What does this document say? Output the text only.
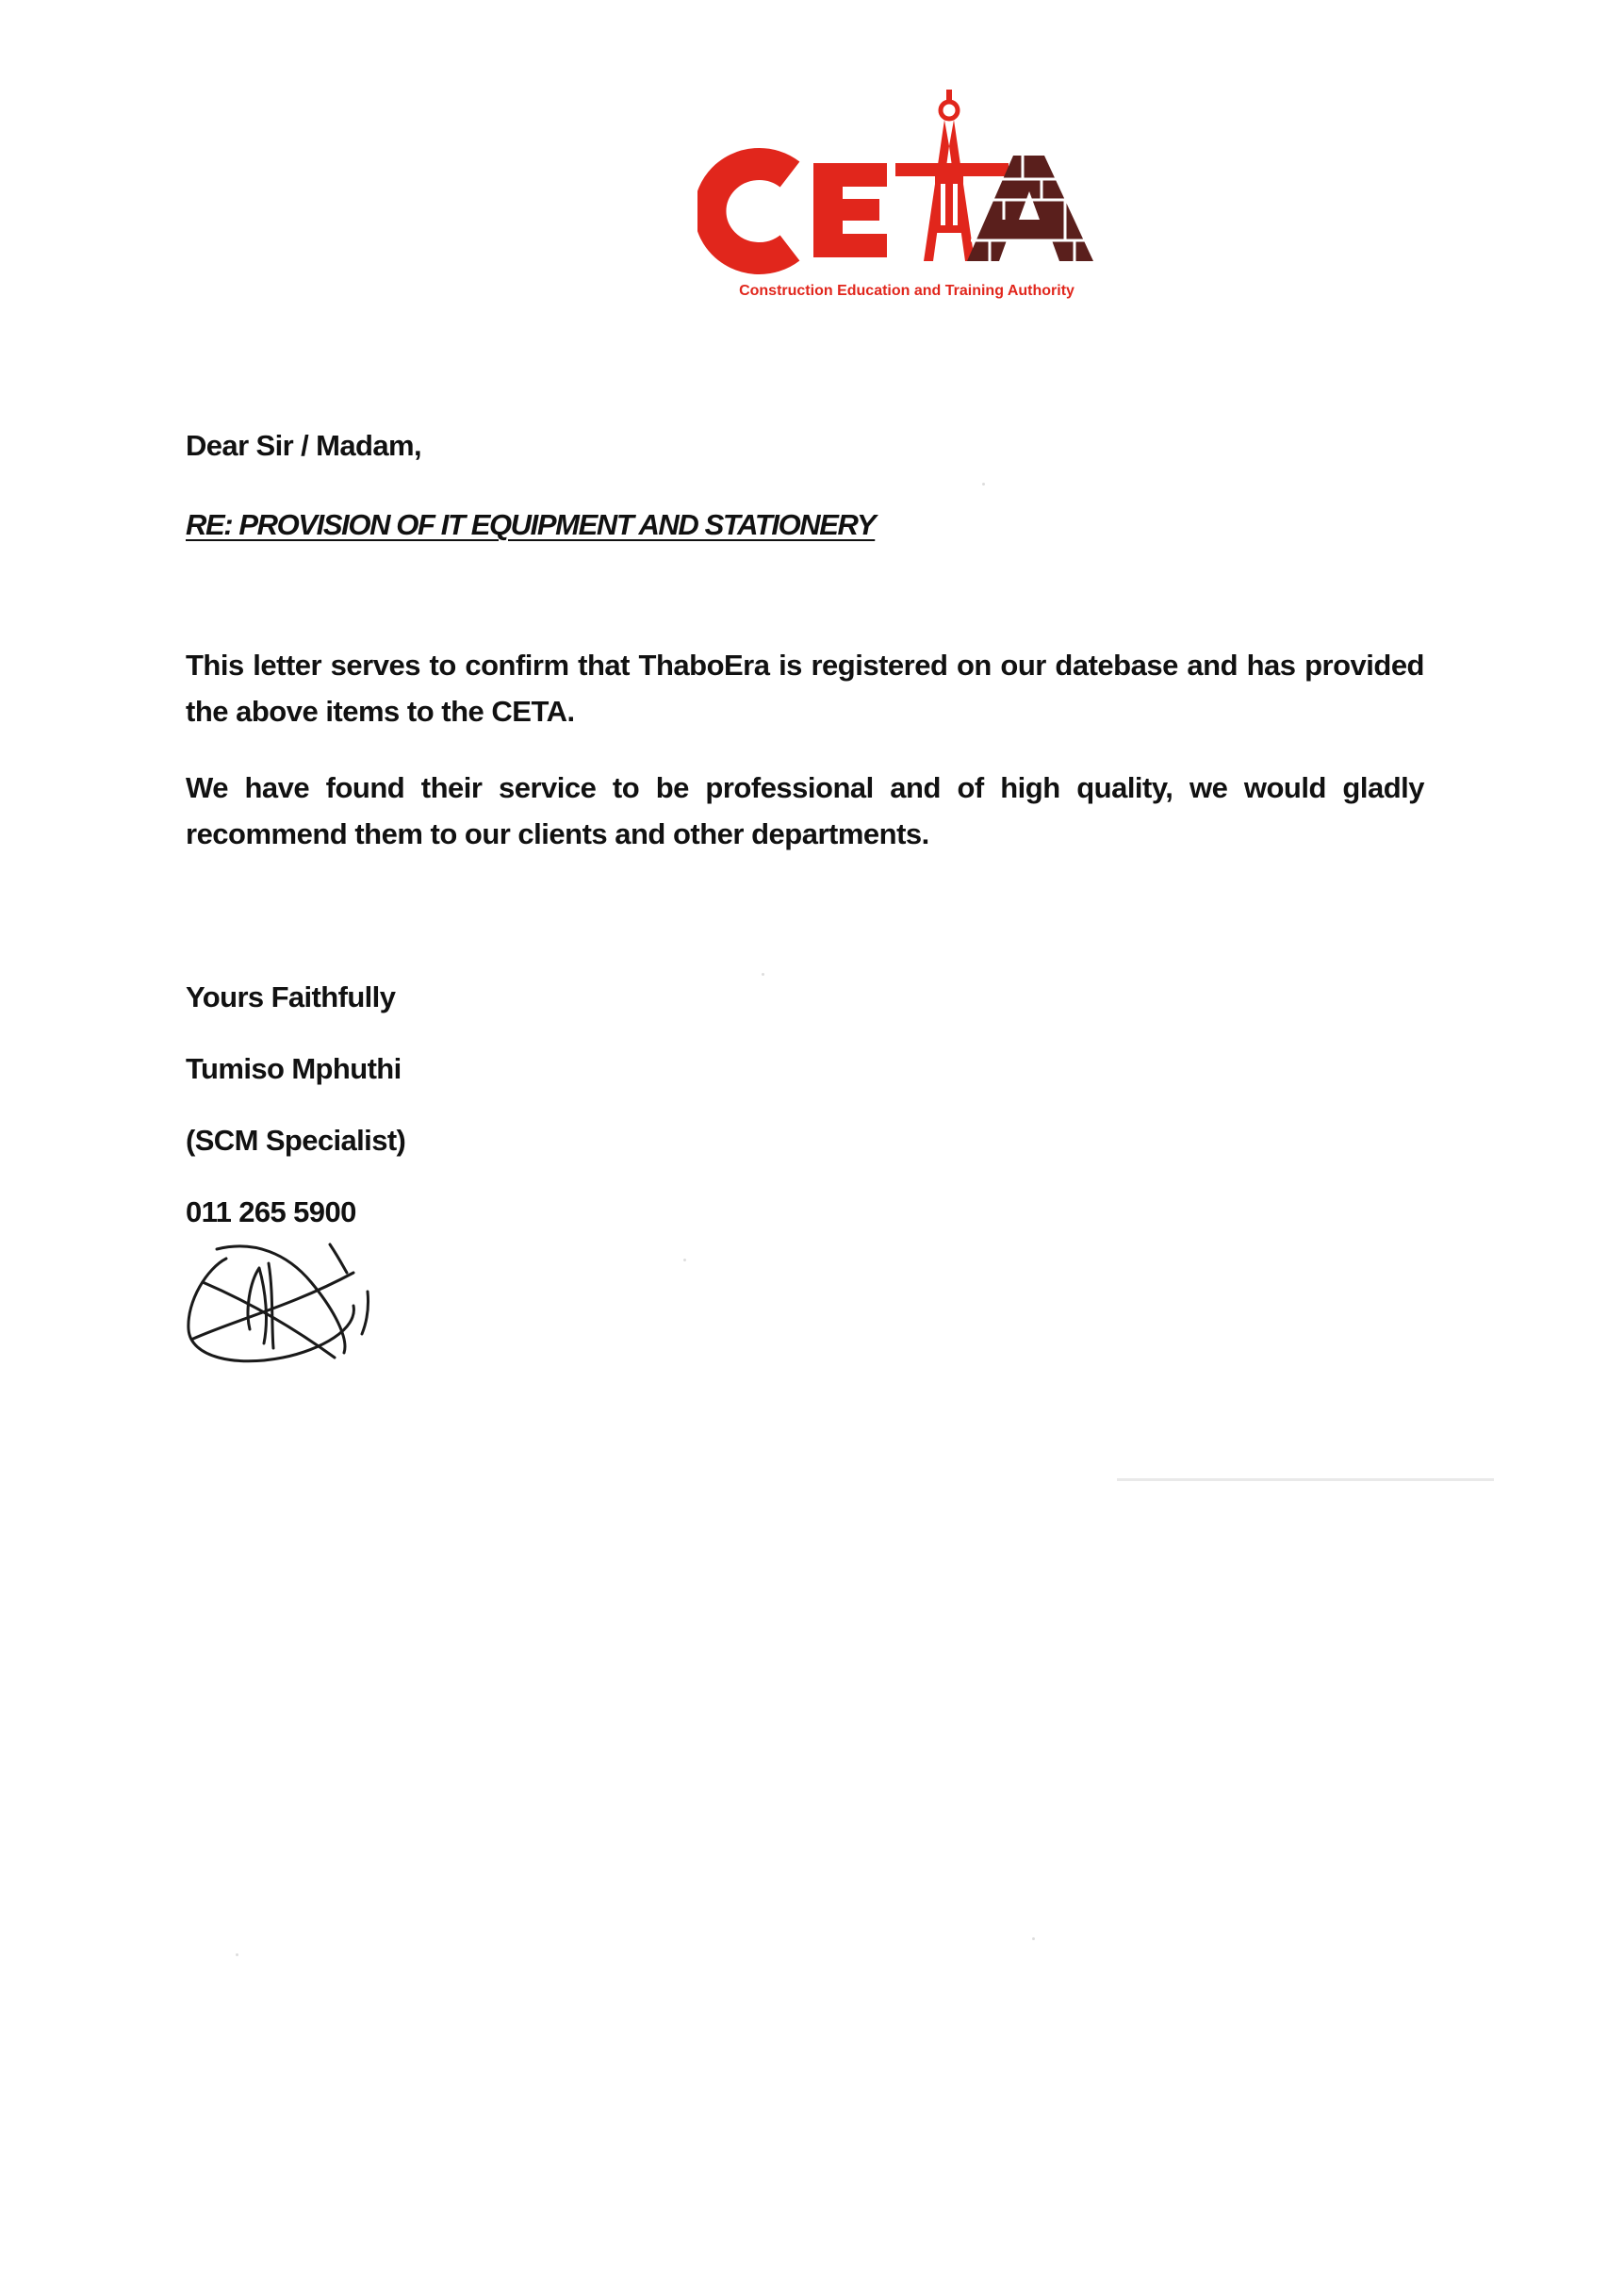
Construction Education and Training Authority

Dear Sir / Madam,

RE: PROVISION OF IT EQUIPMENT AND STATIONERY

This letter serves to confirm that ThaboEra is registered on our datebase and has provided the above items to the CETA.

We have found their service to be professional and of high quality, we would gladly recommend them to our clients and other departments.

Yours Faithfully

Tumiso Mphuthi

(SCM Specialist)

011 265 5900
